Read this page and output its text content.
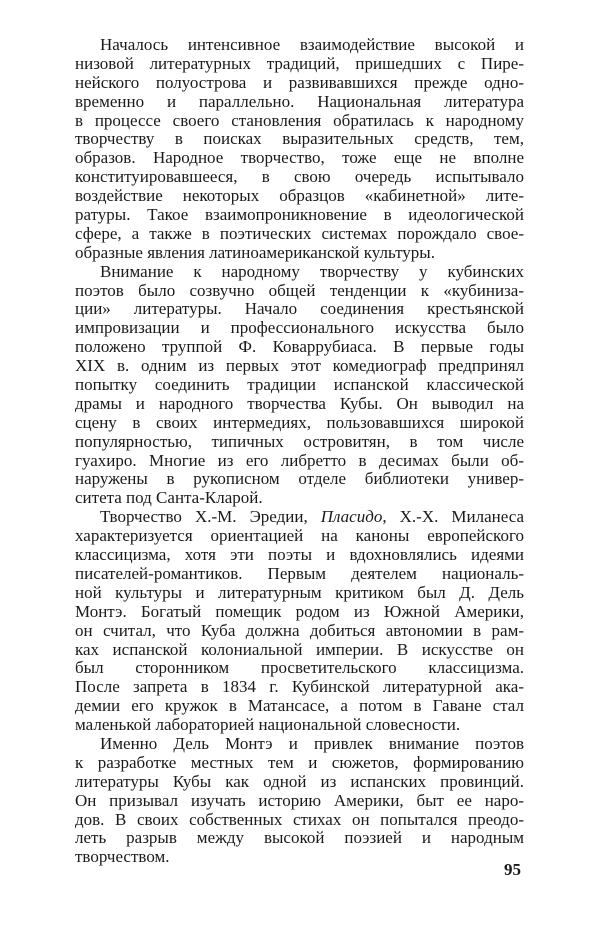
Началось интенсивное взаимодействие высокой и
низовой литературных традиций, пришедших с Пире-
нейского полуострова и развивавшихся прежде одно-
временно и параллельно. Национальная литература
в процессе своего становления обратилась к народному
творчеству в поисках выразительных средств, тем,
образов. Народное творчество, тоже еще не вполне
конституировавшееся, в свою очередь испытывало
воздействие некоторых образцов «кабинетной» лите-
ратуры. Такое взаимопроникновение в идеологической
сфере, а также в поэтических системах порождало свое-
образные явления латиноамериканской культуры.
Внимание к народному творчеству у кубинских
поэтов было созвучно общей тенденции к «кубиниза-
ции» литературы. Начало соединения крестьянской
импровизации и профессионального искусства было
положено труппой Ф. Коваррубиаса. В первые годы
XIX в. одним из первых этот комедиограф предпринял
попытку соединить традиции испанской классической
драмы и народного творчества Кубы. Он выводил на
сцену в своих интермедиях, пользовавшихся широкой
популярностью, типичных островитян, в том числе
гуахиро. Многие из его либретто в десимах были об-
наружены в рукописном отделе библиотеки универ-
ситета под Санта-Кларой.
Творчество Х.-М. Эредии, Пласидо, Х.-Х. Миланеса
характеризуется ориентацией на каноны европейского
классицизма, хотя эти поэты и вдохновлялись идеями
писателей-романтиков. Первым деятелем националь-
ной культуры и литературным критиком был Д. Дель
Монтэ. Богатый помещик родом из Южной Америки,
он считал, что Куба должна добиться автономии в рам-
ках испанской колониальной империи. В искусстве он
был сторонником просветительского классицизма.
После запрета в 1834 г. Кубинской литературной ака-
демии его кружок в Матансасе, а потом в Гаване стал
маленькой лабораторией национальной словесности.
Именно Дель Монтэ и привлек внимание поэтов
к разработке местных тем и сюжетов, формированию
литературы Кубы как одной из испанских провинций.
Он призывал изучать историю Америки, быт ее наро-
дов. В своих собственных стихах он попытался преодо-
леть разрыв между высокой поэзией и народным
творчеством.
95
